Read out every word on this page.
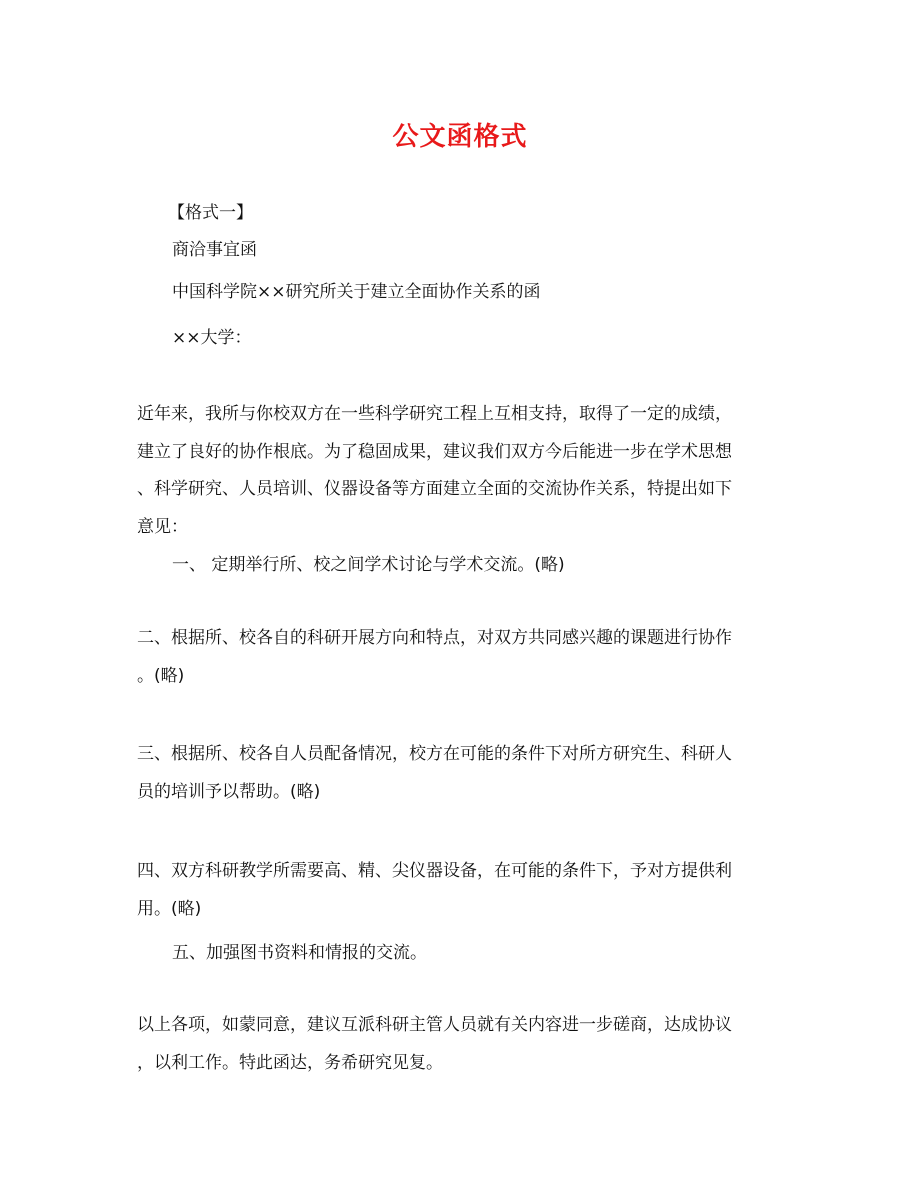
公文函格式
【格式一】
商洽事宜函
中国科学院××研究所关于建立全面协作关系的函
××大学：
近年来，我所与你校双方在一些科学研究工程上互相支持，取得了一定的成绩，
建立了良好的协作根底。为了稳固成果，建议我们双方今后能进一步在学术思想
、科学研究、人员培训、仪器设备等方面建立全面的交流协作关系，特提出如下
意见：
一、 定期举行所、校之间学术讨论与学术交流。(略)
二、根据所、校各自的科研开展方向和特点，对双方共同感兴趣的课题进行协作
。(略)
三、根据所、校各自人员配备情况，校方在可能的条件下对所方研究生、科研人
员的培训予以帮助。(略)
四、双方科研教学所需要高、精、尖仪器设备，在可能的条件下，予对方提供利
用。(略)
五、加强图书资料和情报的交流。
以上各项，如蒙同意，建议互派科研主管人员就有关内容进一步磋商，达成协议
，以利工作。特此函达，务希研究见复。
